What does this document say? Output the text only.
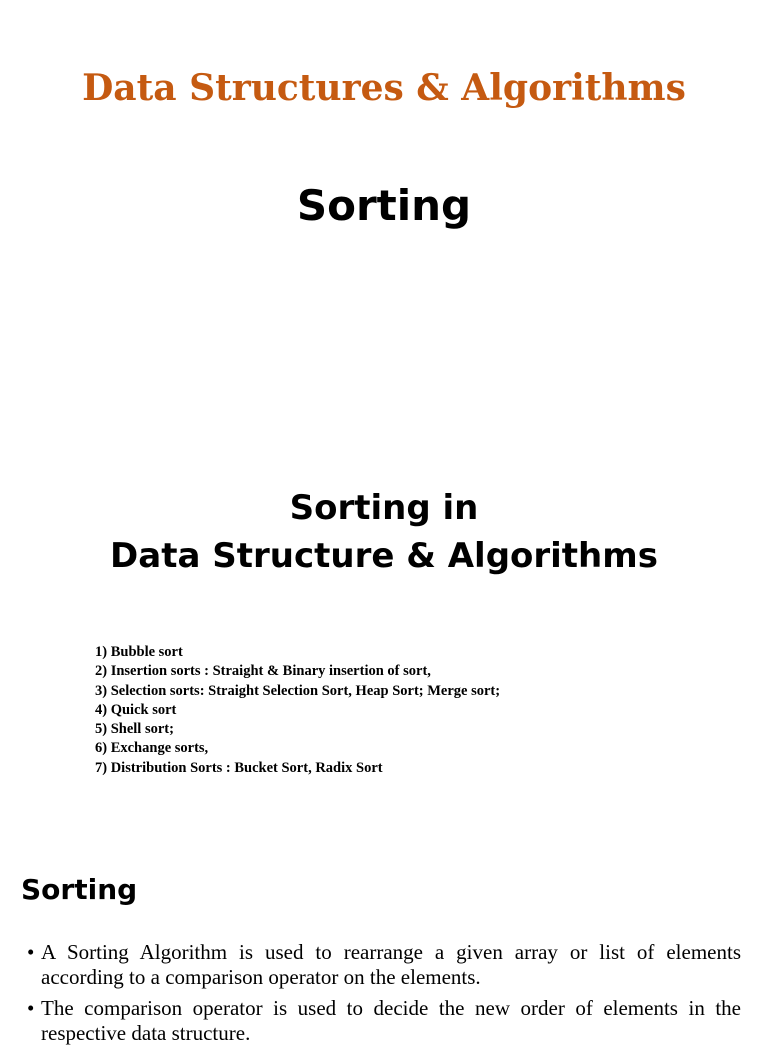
Data Structures & Algorithms
Sorting
Sorting in
Data Structure & Algorithms
1) Bubble sort
2) Insertion sorts : Straight & Binary insertion of sort,
3) Selection sorts: Straight Selection Sort, Heap Sort; Merge sort;
4) Quick sort
5) Shell sort;
6) Exchange sorts,
7) Distribution Sorts : Bucket Sort, Radix Sort
Sorting
• A Sorting Algorithm is used to rearrange a given array or list of elements according to a comparison operator on the elements.
• The comparison operator is used to decide the new order of elements in the respective data structure.
